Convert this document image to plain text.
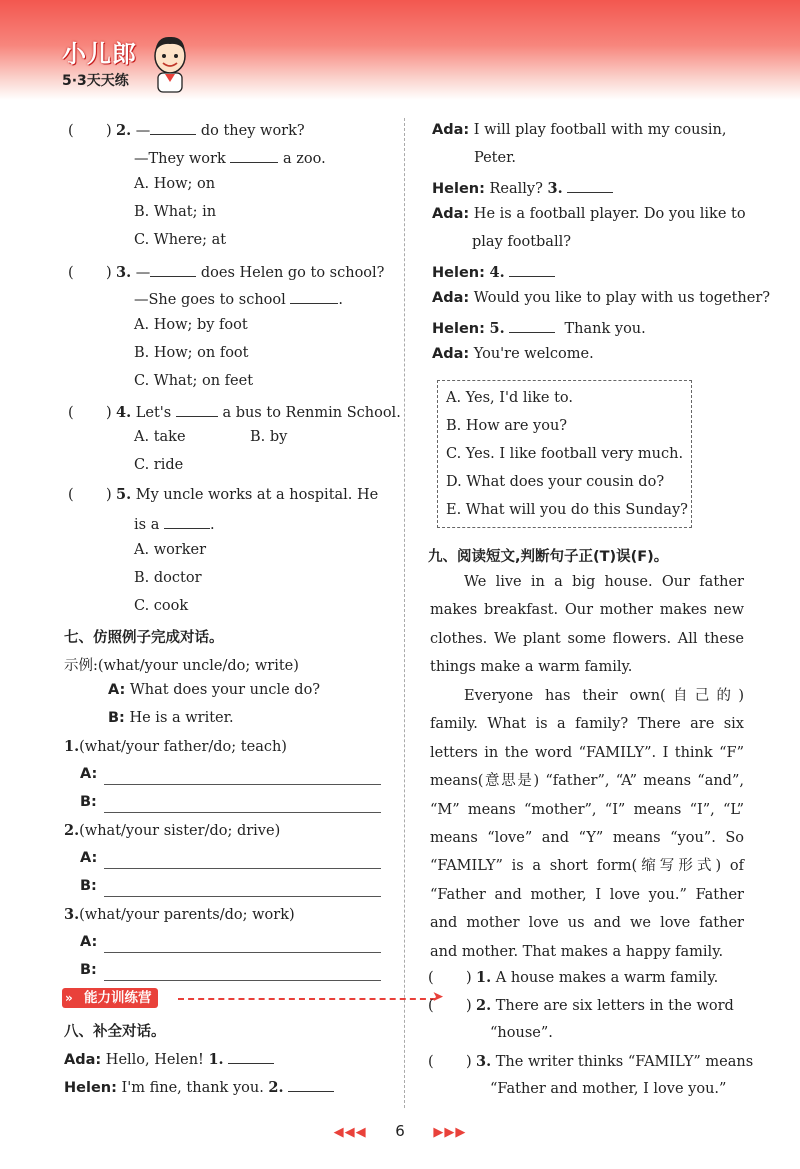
小儿郎
5·3天天练
( ) 2. —	do they work?
—They work	a zoo.
A. How; on
B. What; in
C. Where; at
( ) 3. —	does Helen go to school?
—She goes to school	.
A. How; by foot
B. How; on foot
C. What; on feet
( ) 4. Let's	a bus to Renmin School.
A. take	B. by
C. ride
( ) 5. My uncle works at a hospital. He
is a	.
A. worker
B. doctor
C. cook
七、仿照例子完成对话。
示例:(what/your uncle/do; write)
A: What does your uncle do?
B: He is a writer.
1.(what/your father/do; teach)
A:
B:
2.(what/your sister/do; drive)
A:
B:
3.(what/your parents/do; work)
A:
B:
» 能力训练营	➤
八、补全对话。
Ada: Hello, Helen! 1.
Helen: I'm fine, thank you. 2.
Ada: I will play football with my cousin,
Peter.
Helen: Really? 3.
Ada: He is a football player. Do you like to
play football?
Helen: 4.
Ada: Would you like to play with us together?
Helen: 5.	Thank you.
Ada: You're welcome.
A. Yes, I'd like to.
B. How are you?
C. Yes. I like football very much.
D. What does your cousin do?
E. What will you do this Sunday?
九、阅读短文,判断句子正(T)误(F)。
We live in a big house. Our father makes breakfast. Our mother makes new clothes. We plant some flowers. All these things make a warm family.
Everyone has their own(自己的) family. What is a family? There are six letters in the word “FAMILY”. I think “F” means(意思是) “father”, “A” means “and”, “M” means “mother”, “I” means “I”, “L” means “love” and “Y” means “you”. So “FAMILY” is a short form(缩写形式) of “Father and mother, I love you.” Father and mother love us and we love father and mother. That makes a happy family.
( ) 1. A house makes a warm family.
( ) 2. There are six letters in the word
“house”.
( ) 3. The writer thinks “FAMILY” means
“Father and mother, I love you.”
◀◀◀ 6 ▶▶▶
